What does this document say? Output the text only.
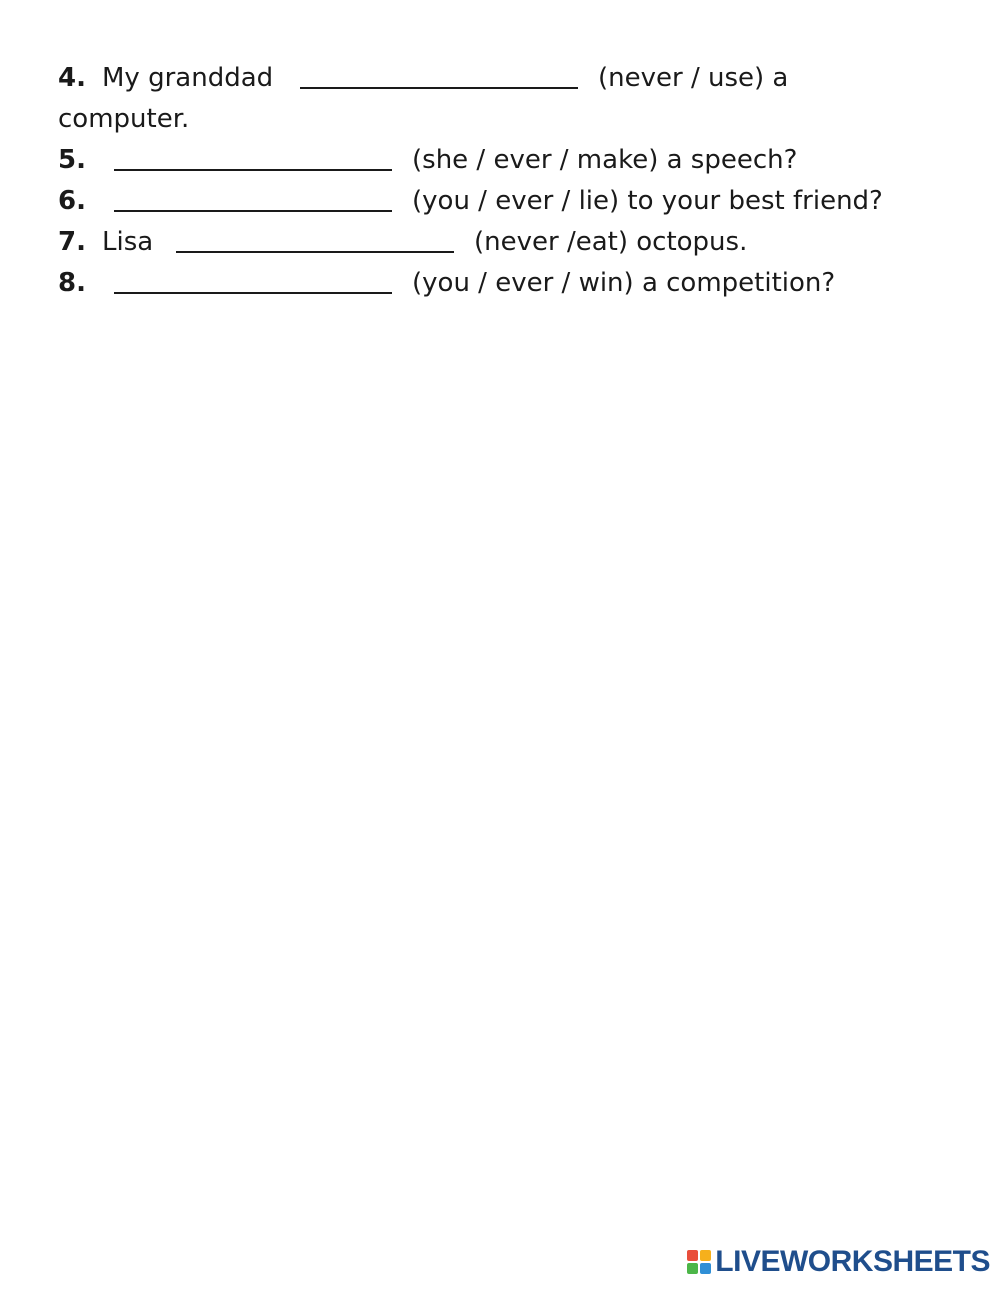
4. My granddad	(never / use) a
computer.
5.	(she / ever / make) a speech?
6.	(you / ever / lie) to your best friend?
7. Lisa	(never /eat) octopus.
8.	(you / ever / win) a competition?
LIVEWORKSHEETS
